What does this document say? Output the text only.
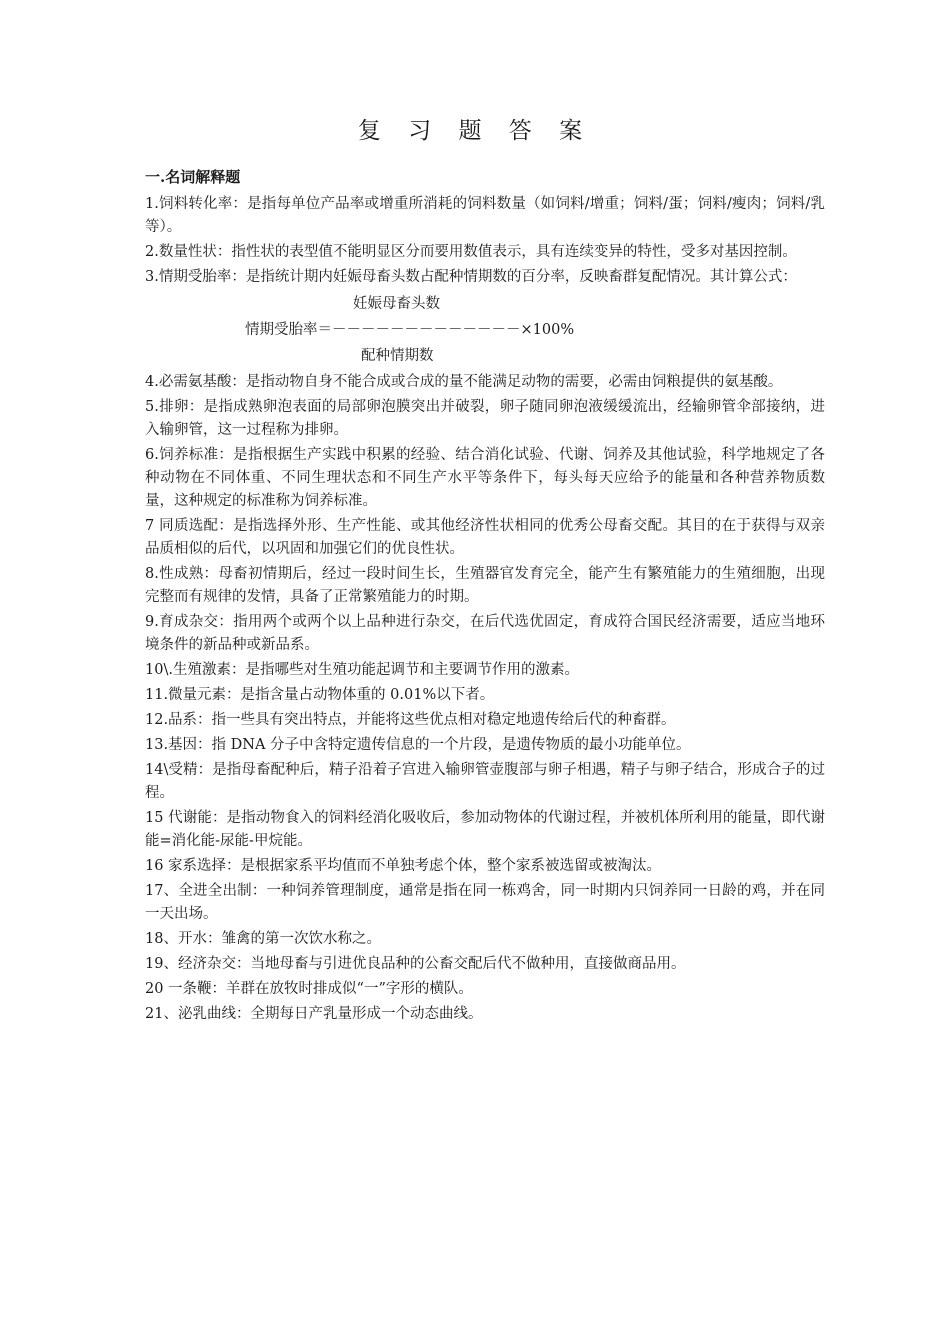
复 习 题 答 案
一.名词解释题

1.饲料转化率：是指每单位产品率或增重所消耗的饲料数量（如饲料/增重；饲料/蛋；饲料/瘦肉；饲料/乳等）。

2.数量性状：指性状的表型值不能明显区分而要用数值表示，具有连续变异的特性，受多对基因控制。

3.情期受胎率：是指统计期内妊娠母畜头数占配种情期数的百分率，反映畜群复配情况。其计算公式：

妊娠母畜头数
情期受胎率＝－－－－－－－－－－－－－×100%
配种情期数

4.必需氨基酸：是指动物自身不能合成或合成的量不能满足动物的需要，必需由饲粮提供的氨基酸。

5.排卵：是指成熟卵泡表面的局部卵泡膜突出并破裂，卵子随同卵泡液缓缓流出，经输卵管伞部接纳，进入输卵管，这一过程称为排卵。

6.饲养标准：是指根据生产实践中积累的经验、结合消化试验、代谢、饲养及其他试验，科学地规定了各种动物在不同体重、不同生理状态和不同生产水平等条件下，每头每天应给予的能量和各种营养物质数量，这种规定的标准称为饲养标准。

7 同质选配：是指选择外形、生产性能、或其他经济性状相同的优秀公母畜交配。其目的在于获得与双亲品质相似的后代，以巩固和加强它们的优良性状。

8.性成熟：母畜初情期后，经过一段时间生长，生殖器官发育完全，能产生有繁殖能力的生殖细胞，出现完整而有规律的发情，具备了正常繁殖能力的时期。

9.育成杂交：指用两个或两个以上品种进行杂交，在后代选优固定，育成符合国民经济需要，适应当地环境条件的新品种或新品系。

10\.生殖激素：是指哪些对生殖功能起调节和主要调节作用的激素。

11.微量元素：是指含量占动物体重的 0.01%以下者。

12.品系：指一些具有突出特点，并能将这些优点相对稳定地遗传给后代的种畜群。

13.基因：指 DNA 分子中含特定遗传信息的一个片段，是遗传物质的最小功能单位。

14\受精：是指母畜配种后，精子沿着子宫进入输卵管壶腹部与卵子相遇，精子与卵子结合，形成合子的过程。

15 代谢能：是指动物食入的饲料经消化吸收后，参加动物体的代谢过程，并被机体所利用的能量，即代谢能=消化能-尿能-甲烷能。

16 家系选择：是根据家系平均值而不单独考虑个体，整个家系被选留或被淘汰。

17、全进全出制：一种饲养管理制度，通常是指在同一栋鸡舍，同一时期内只饲养同一日龄的鸡，并在同一天出场。

18、开水：雏禽的第一次饮水称之。

19、经济杂交：当地母畜与引进优良品种的公畜交配后代不做种用，直接做商品用。

20 一条鞭：羊群在放牧时排成似“一”字形的横队。

21、泌乳曲线：全期每日产乳量形成一个动态曲线。
